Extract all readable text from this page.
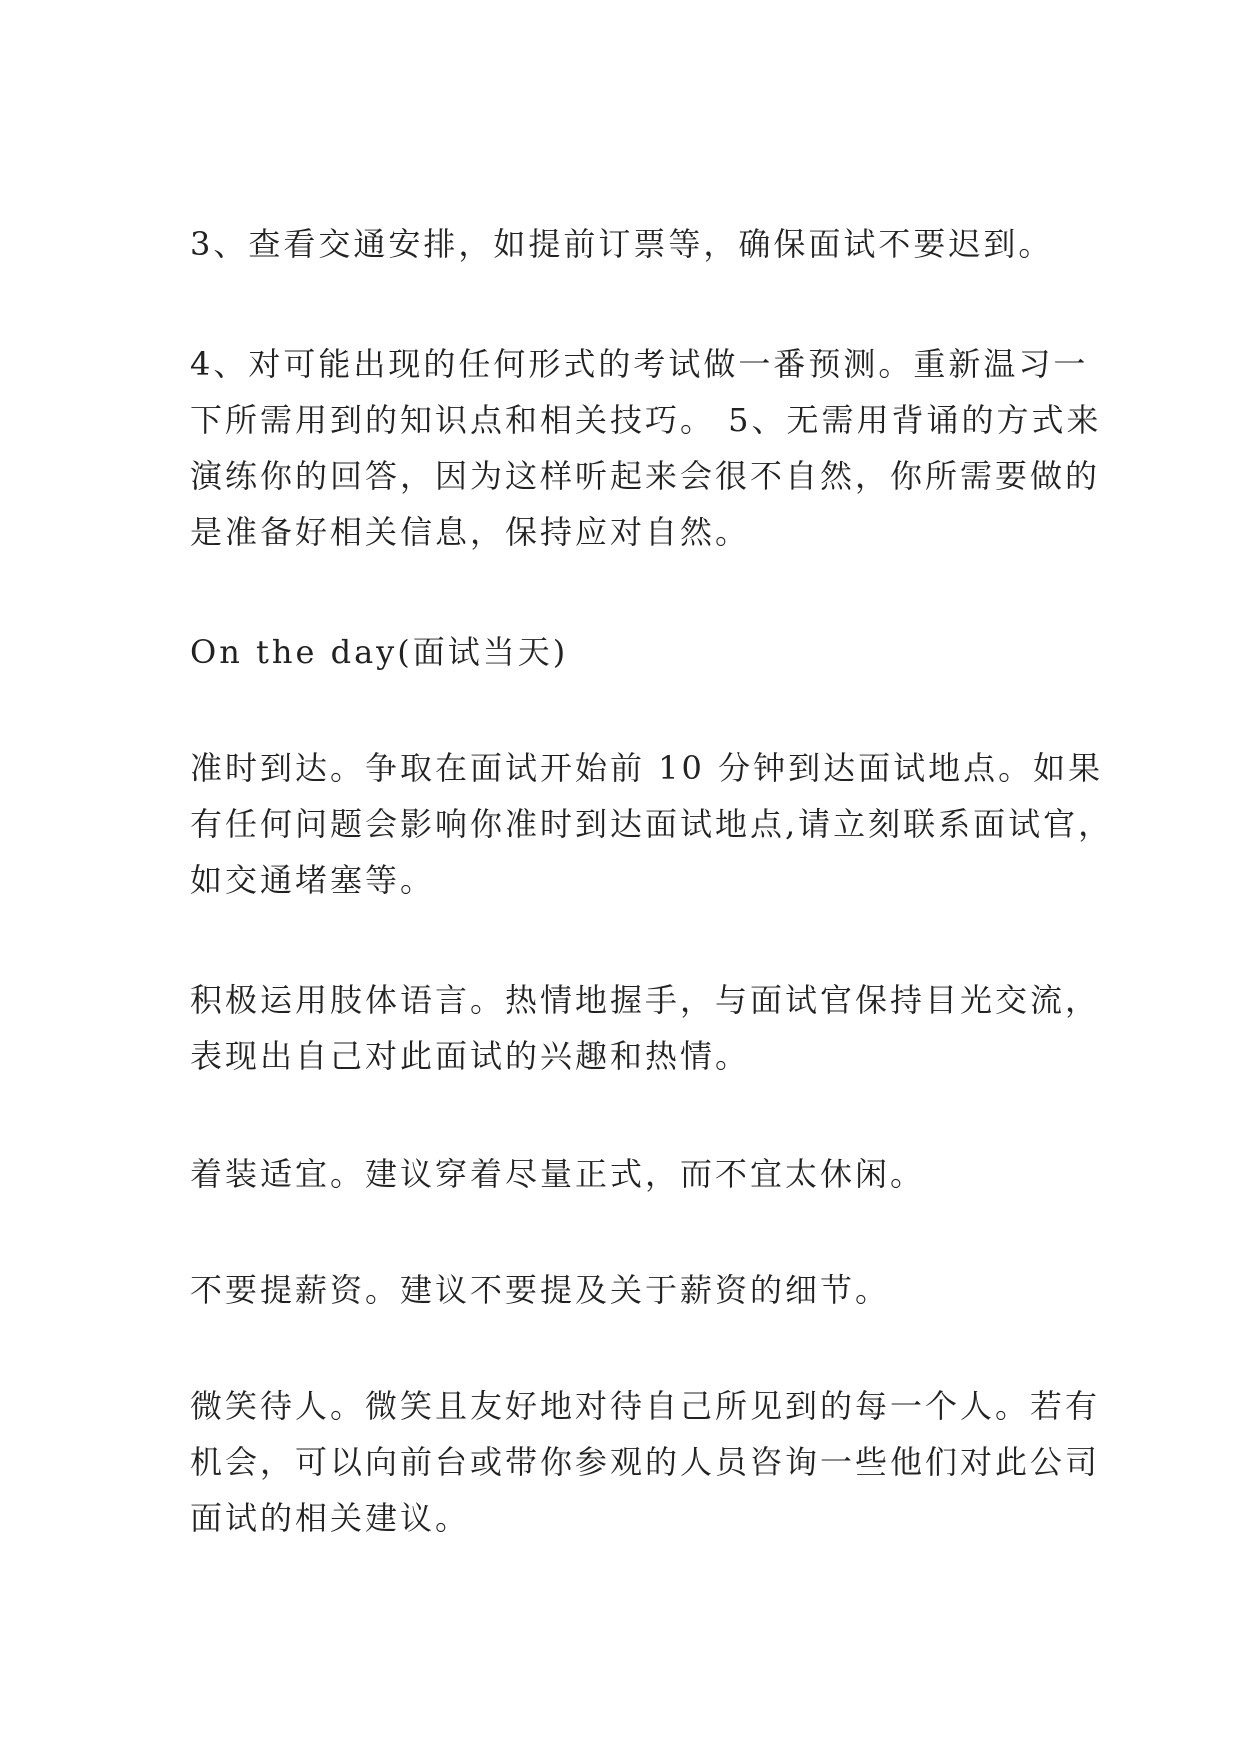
3、查看交通安排，如提前订票等，确保面试不要迟到。

4、对可能出现的任何形式的考试做一番预测。重新温习一
下所需用到的知识点和相关技巧。 5、无需用背诵的方式来
演练你的回答，因为这样听起来会很不自然，你所需要做的
是准备好相关信息，保持应对自然。

On the day(面试当天)

准时到达。争取在面试开始前 10 分钟到达面试地点。如果
有任何问题会影响你准时到达面试地点,请立刻联系面试官，
如交通堵塞等。

积极运用肢体语言。热情地握手，与面试官保持目光交流，
表现出自己对此面试的兴趣和热情。

着装适宜。建议穿着尽量正式，而不宜太休闲。

不要提薪资。建议不要提及关于薪资的细节。

微笑待人。微笑且友好地对待自己所见到的每一个人。若有
机会，可以向前台或带你参观的人员咨询一些他们对此公司
面试的相关建议。
